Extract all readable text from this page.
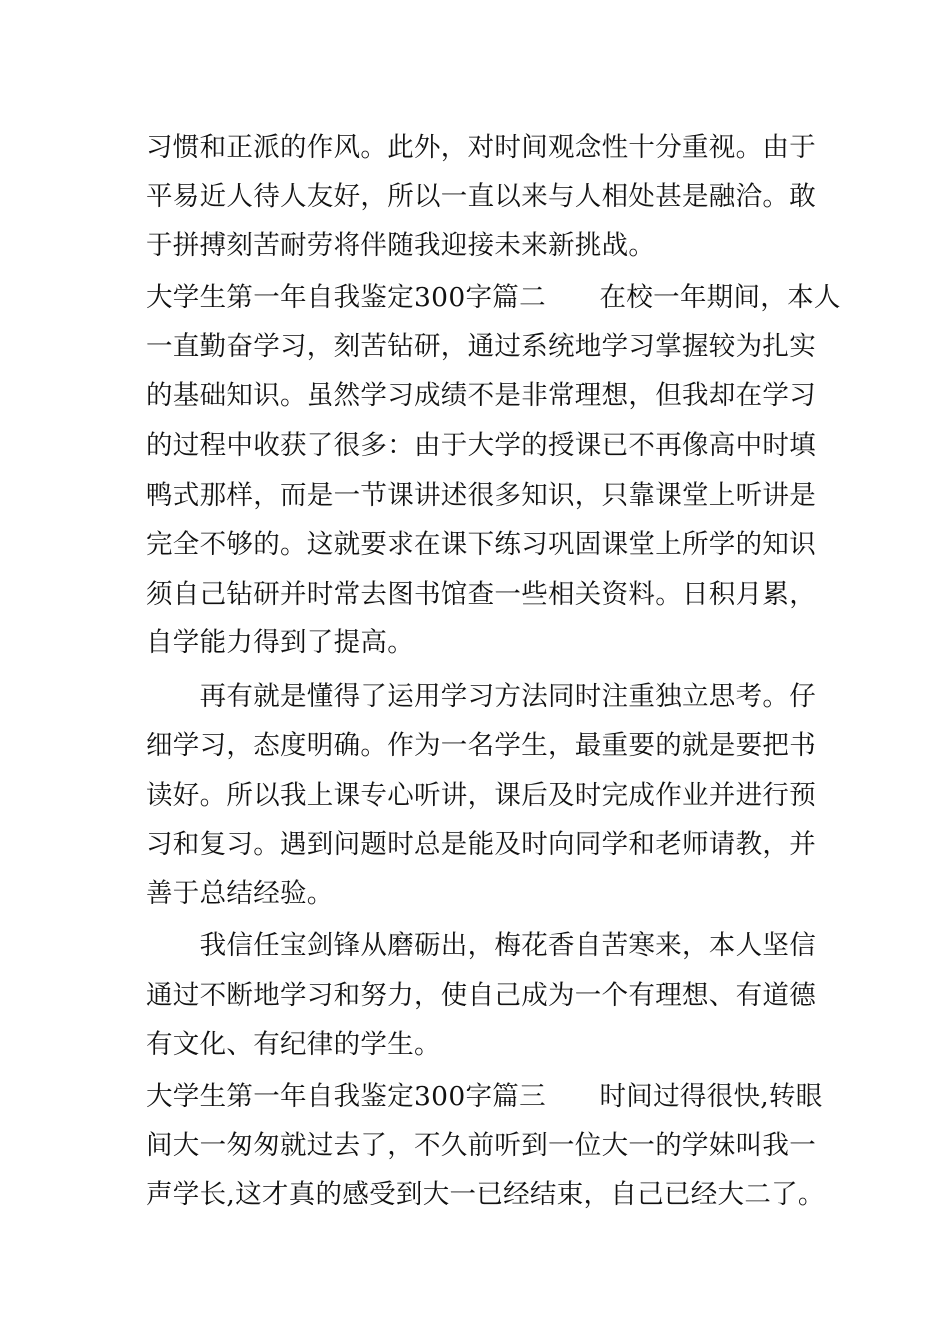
习惯和正派的作风。此外，对时间观念性十分重视。由于
平易近人待人友好，所以一直以来与人相处甚是融洽。敢
于拼搏刻苦耐劳将伴随我迎接未来新挑战。
大学生第一年自我鉴定300字篇二　　在校一年期间，本人
一直勤奋学习，刻苦钻研，通过系统地学习掌握较为扎实
的基础知识。虽然学习成绩不是非常理想，但我却在学习
的过程中收获了很多：由于大学的授课已不再像高中时填
鸭式那样，而是一节课讲述很多知识，只靠课堂上听讲是
完全不够的。这就要求在课下练习巩固课堂上所学的知识
须自己钻研并时常去图书馆查一些相关资料。日积月累，
自学能力得到了提高。
　　再有就是懂得了运用学习方法同时注重独立思考。仔
细学习，态度明确。作为一名学生，最重要的就是要把书
读好。所以我上课专心听讲，课后及时完成作业并进行预
习和复习。遇到问题时总是能及时向同学和老师请教，并
善于总结经验。
　　我信任宝剑锋从磨砺出，梅花香自苦寒来，本人坚信
通过不断地学习和努力，使自己成为一个有理想、有道德
有文化、有纪律的学生。
大学生第一年自我鉴定300字篇三　　时间过得很快,转眼
间大一匆匆就过去了，不久前听到一位大一的学妹叫我一
声学长,这才真的感受到大一已经结束，自己已经大二了。
